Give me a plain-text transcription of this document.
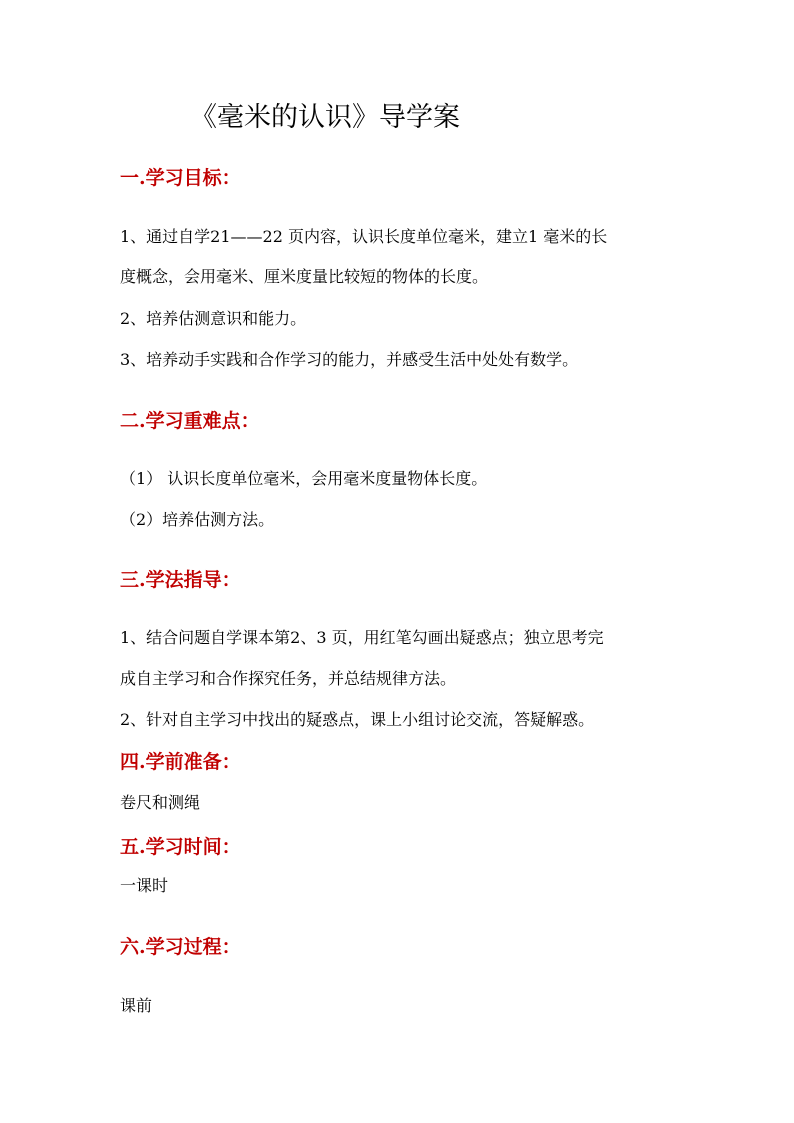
《毫米的认识》导学案
一.学习目标：
1、通过自学21——22 页内容，认识长度单位毫米，建立1 毫米的长
度概念，会用毫米、厘米度量比较短的物体的长度。
2、培养估测意识和能力。
3、培养动手实践和合作学习的能力，并感受生活中处处有数学。
二.学习重难点：
（1） 认识长度单位毫米，会用毫米度量物体长度。
（2）培养估测方法。
三.学法指导：
1、结合问题自学课本第2、3 页，用红笔勾画出疑惑点；独立思考完
成自主学习和合作探究任务，并总结规律方法。
2、针对自主学习中找出的疑惑点，课上小组讨论交流，答疑解惑。
四.学前准备：
卷尺和测绳
五.学习时间：
一课时
六.学习过程：
课前
